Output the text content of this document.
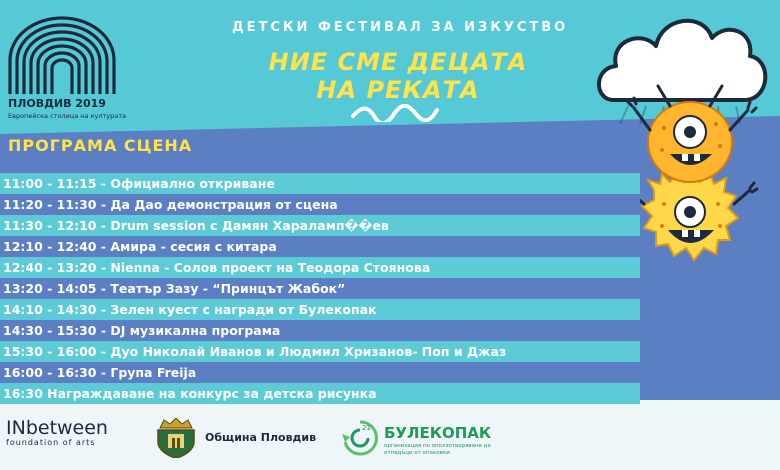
ПЛОВДИВ 2019
Европейска столица на културата
ДЕТСКИ ФЕСТИВАЛ ЗА ИЗКУСТВО
НИЕ СМЕ ДЕЦАТА
НА РЕКАТА
ПРОГРАМА СЦЕНА
11:00 - 11:15 - Официално откриване
11:20 - 11:30 - Да Дао демонстрация от сцена
11:30 - 12:10 - Drum session с Дамян Хараламп��ев
12:10 - 12:40 - Амира - сесия с китара
12:40 - 13:20 - Nienna - Солов проект на Теодора Стоянова
13:20 - 14:05 - Театър Зазу - “Принцът Жабок”
14:10 - 14:30 - Зелен куест с награди от Булекопак
14:30 - 15:30 - DJ музикална програма
15:30 - 16:00 - Дуо Николай Иванов и Людмил Хризанов- Поп и Джаз
16:00 - 16:30 - Група Freija
16:30 Награждаване на конкурс за детска рисунка
INbetween
foundation of arts	Община Пловдив
21 БУЛЕКОПАК
организация по оползотворяване на отпадъци от опаковки
